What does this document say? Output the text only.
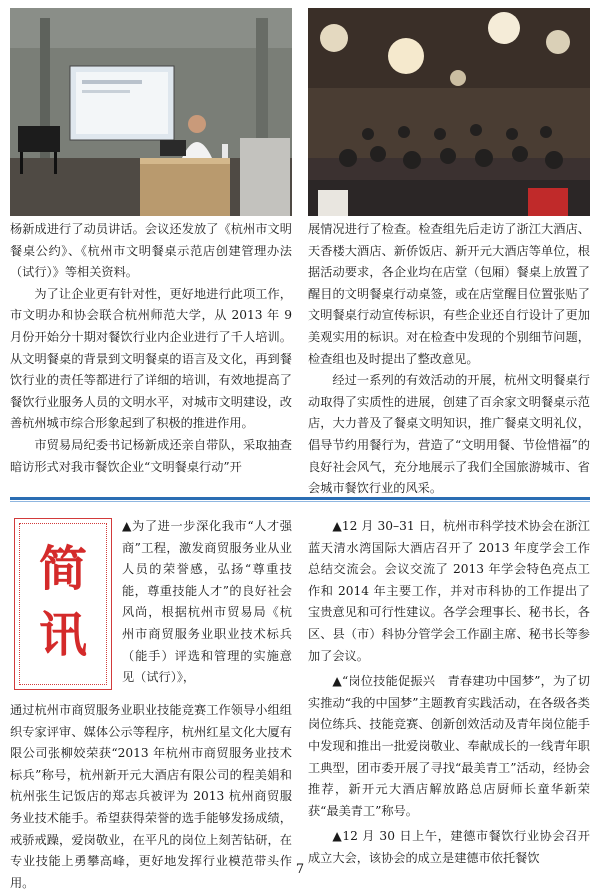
杨新成进行了动员讲话。会议还发放了《杭州市文明餐桌公约》、《杭州市文明餐桌示范店创建管理办法（试行）》等相关资料。

为了让企业更有针对性，更好地进行此项工作，市文明办和协会联合杭州师范大学，从 2013 年 9 月份开始分十期对餐饮行业内企业进行了千人培训。从文明餐桌的背景到文明餐桌的语言及文化，再到餐饮行业的责任等都进行了详细的培训，有效地提高了餐饮行业服务人员的文明水平，对城市文明建设，改善杭州城市综合形象起到了积极的推进作用。

市贸易局纪委书记杨新成还亲自带队，采取抽查暗访形式对我市餐饮企业“文明餐桌行动”开

展情况进行了检查。检查组先后走访了浙江大酒店、天香楼大酒店、新侨饭店、新开元大酒店等单位，根据活动要求，各企业均在店堂（包厢）餐桌上放置了醒目的文明餐桌行动桌签，或在店堂醒目位置张贴了文明餐桌行动宣传标识，有些企业还自行设计了更加美观实用的标识。对在检查中发现的个别细节问题，检查组也及时提出了整改意见。

经过一系列的有效活动的开展，杭州文明餐桌行动取得了实质性的进展，创建了百余家文明餐桌示范店，大力普及了餐桌文明知识，推广餐桌文明礼仪，倡导节约用餐行为，营造了“文明用餐、节俭惜福”的良好社会风气，充分地展示了我们全国旅游城市、省会城市餐饮行业的风采。

简
讯
▲为了进一步深化我市“人才强商”工程，激发商贸服务业从业人员的荣誉感，弘扬“尊重技能，尊重技能人才”的良好社会风尚，根据杭州市贸易局《杭州市商贸服务业职业技术标兵（能手）评选和管理的实施意见（试行）》，
通过杭州市商贸服务业职业技能竞赛工作领导小组组织专家评审、媒体公示等程序，杭州红星文化大厦有限公司张柳姣荣获“2013 年杭州市商贸服务业技术标兵”称号，杭州新开元大酒店有限公司的程美娟和杭州张生记饭店的郑志兵被评为 2013 杭州商贸服务业技术能手。希望获得荣誉的选手能够发扬成绩，戒骄戒躁，爱岗敬业，在平凡的岗位上刻苦钻研，在专业技能上勇攀高峰，更好地发挥行业模范带头作用。

▲12 月 30–31 日，杭州市科学技术协会在浙江蓝天清水湾国际大酒店召开了 2013 年度学会工作总结交流会。会议交流了 2013 年学会特色亮点工作和 2014 年主要工作，并对市科协的工作提出了宝贵意见和可行性建议。各学会理事长、秘书长，各区、县（市）科协分管学会工作副主席、秘书长等参加了会议。

▲“岗位技能促振兴　青春建功中国梦”，为了切实推动“我的中国梦”主题教育实践活动，在各级各类岗位练兵、技能竞赛、创新创效活动及青年岗位能手中发现和推出一批爱岗敬业、奉献成长的一线青年职工典型，团市委开展了寻找“最美青工”活动，经协会推荐，新开元大酒店解放路总店厨师长童华新荣获“最美青工”称号。

▲12 月 30 日上午，建德市餐饮行业协会召开成立大会，该协会的成立是建德市依托餐饮

7
